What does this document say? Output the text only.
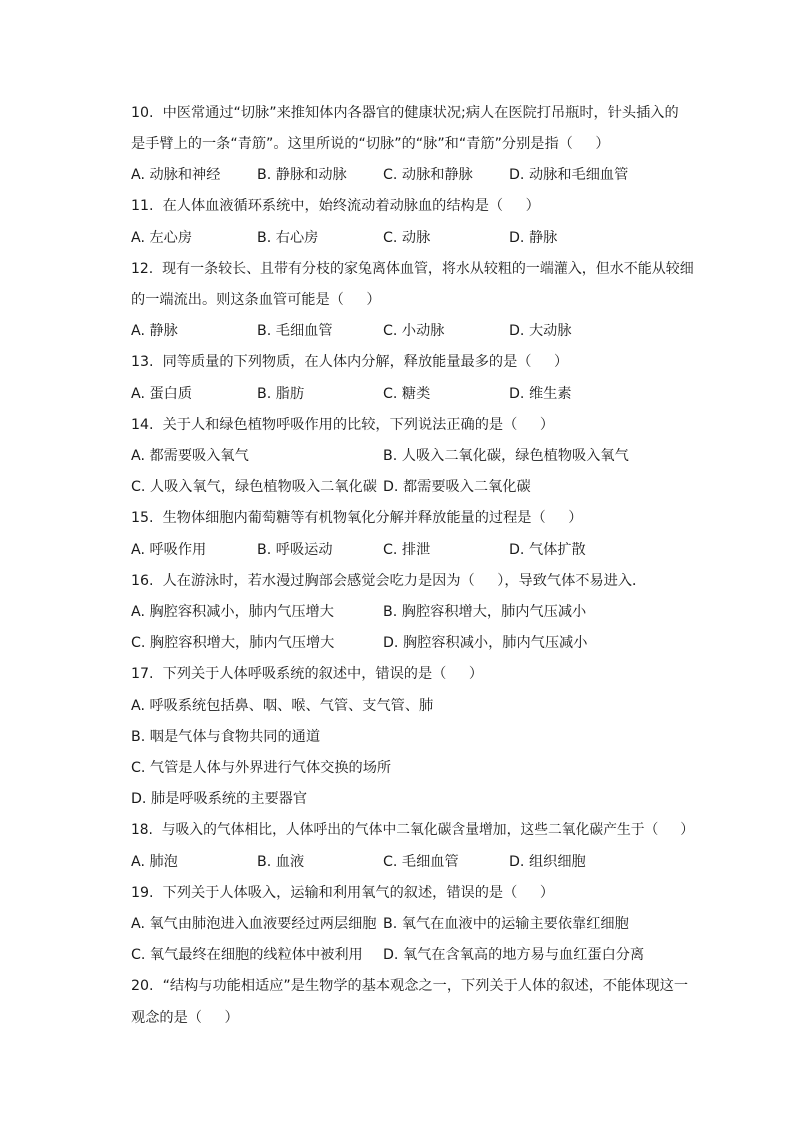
10.  中医常通过“切脉”来推知体内各器官的健康状况;病人在医院打吊瓶时，针头插入的
是手臂上的一条“青筋”。这里所说的“切脉”的“脉”和“青筋”分别是指（     ）
A. 动脉和神经	B. 静脉和动脉	C. 动脉和静脉	D. 动脉和毛细血管
11.  在人体血液循环系统中，始终流动着动脉血的结构是（     ）
A. 左心房	B. 右心房	C. 动脉	D. 静脉
12.  现有一条较长、且带有分枝的家兔离体血管，将水从较粗的一端灌入，但水不能从较细
的一端流出。则这条血管可能是（     ）
A. 静脉	B. 毛细血管	C. 小动脉	D. 大动脉
13.  同等质量的下列物质，在人体内分解，释放能量最多的是（     ）
A. 蛋白质	B. 脂肪	C. 糖类	D. 维生素
14.  关于人和绿色植物呼吸作用的比较，下列说法正确的是（     ）
A. 都需要吸入氧气	B. 人吸入二氧化碳，绿色植物吸入氧气
C. 人吸入氧气，绿色植物吸入二氧化碳 D. 都需要吸入二氧化碳
15.  生物体细胞内葡萄糖等有机物氧化分解并释放能量的过程是（     ）
A. 呼吸作用	B. 呼吸运动	C. 排泄	D. 气体扩散
16.  人在游泳时，若水漫过胸部会感觉会吃力是因为（     ），导致气体不易进入．
A. 胸腔容积减小，肺内气压增大	B. 胸腔容积增大，肺内气压减小
C. 胸腔容积增大，肺内气压增大	D. 胸腔容积减小，肺内气压减小
17.  下列关于人体呼吸系统的叙述中，错误的是（     ）
A. 呼吸系统包括鼻、咽、喉、气管、支气管、肺
B. 咽是气体与食物共同的通道
C. 气管是人体与外界进行气体交换的场所
D. 肺是呼吸系统的主要器官
18.  与吸入的气体相比，人体呼出的气体中二氧化碳含量增加，这些二氧化碳产生于（     ）
A. 肺泡	B. 血液	C. 毛细血管	D. 组织细胞
19.  下列关于人体吸入，运输和利用氧气的叙述，错误的是（     ）
A. 氧气由肺泡进入血液要经过两层细胞 B. 氧气在血液中的运输主要依靠红细胞
C. 氧气最终在细胞的线粒体中被利用 D. 氧气在含氧高的地方易与血红蛋白分离
20.  “结构与功能相适应”是生物学的基本观念之一，下列关于人体的叙述，不能体现这一
观念的是（     ）
